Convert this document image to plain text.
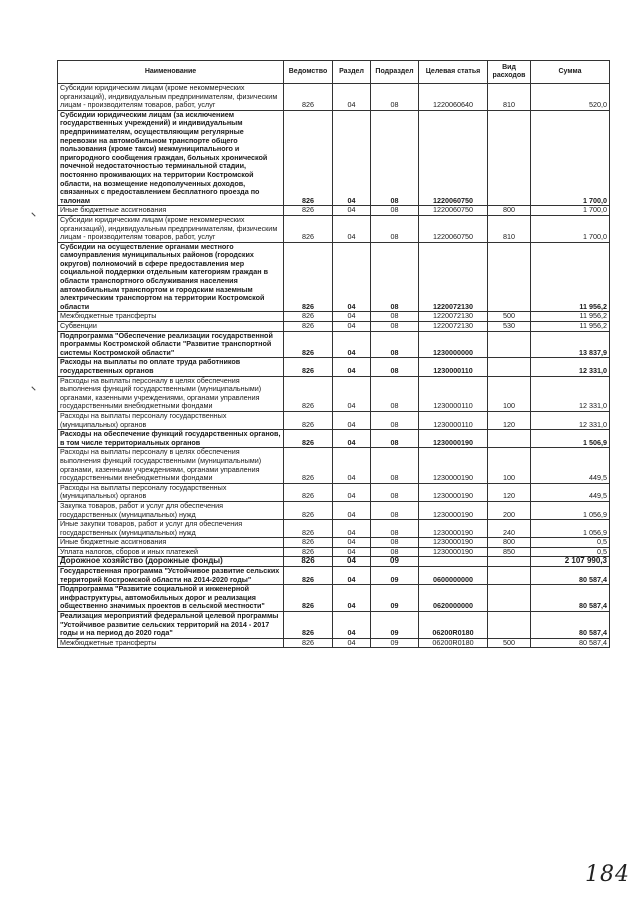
Наименование	Ведомство	Раздел	Подраздел	Целевая статья	Вид расходов	Сумма
Субсидии юридическим лицам (кроме некоммерческих организаций), индивидуальным предпринимателям, физическим лицам - производителям товаров, работ, услуг	826	04	08	1220060640	810	520,0
Субсидии юридическим лицам (за исключением государственных учреждений) и индивидуальным предпринимателям, осуществляющим регулярные перевозки на автомобильном транспорте общего пользования (кроме такси) межмуниципального и пригородного сообщения граждан, больных хронической почечной недостаточностью терминальной стадии, постоянно проживающих на территории Костромской области, на возмещение недополученных доходов, связанных с предоставлением бесплатного проезда по талонам	826	04	08	1220060750		1 700,0
Иные бюджетные ассигнования	826	04	08	1220060750	800	1 700,0
Субсидии юридическим лицам (кроме некоммерческих организаций), индивидуальным предпринимателям, физическим лицам - производителям товаров, работ, услуг	826	04	08	1220060750	810	1 700,0
Субсидии на осуществление органами местного самоуправления муниципальных районов (городских округов) полномочий в сфере предоставления мер социальной поддержки отдельным категориям граждан в области транспортного обслуживания населения автомобильным транспортом и городским наземным электрическим транспортом на территории Костромской области	826	04	08	1220072130		11 956,2
Межбюджетные трансферты	826	04	08	1220072130	500	11 956,2
Субвенции	826	04	08	1220072130	530	11 956,2
Подпрограмма "Обеспечение реализации государственной программы Костромской области "Развитие транспортной системы Костромской области"	826	04	08	1230000000		13 837,9
Расходы на выплаты по оплате труда работников государственных органов	826	04	08	1230000110		12 331,0
Расходы на выплаты персоналу в целях обеспечения выполнения функций государственными (муниципальными) органами, казенными учреждениями, органами управления государственными внебюджетными фондами	826	04	08	1230000110	100	12 331,0
Расходы на выплаты персоналу государственных (муниципальных) органов	826	04	08	1230000110	120	12 331,0
Расходы на обеспечение функций государственных органов, в том числе территориальных органов	826	04	08	1230000190		1 506,9
Расходы на выплаты персоналу в целях обеспечения выполнения функций государственными (муниципальными) органами, казенными учреждениями, органами управления государственными внебюджетными фондами	826	04	08	1230000190	100	449,5
Расходы на выплаты персоналу государственных (муниципальных) органов	826	04	08	1230000190	120	449,5
Закупка товаров, работ и услуг для обеспечения государственных (муниципальных) нужд	826	04	08	1230000190	200	1 056,9
Иные закупки товаров, работ и услуг для обеспечения государственных (муниципальных) нужд	826	04	08	1230000190	240	1 056,9
Иные бюджетные ассигнования	826	04	08	1230000190	800	0,5
Уплата налогов, сборов и иных платежей	826	04	08	1230000190	850	0,5
Дорожное хозяйство (дорожные фонды)	826	04	09			2 107 990,3
Государственная программа "Устойчивое развитие сельских территорий Костромской области на 2014-2020 годы"	826	04	09	0600000000		80 587,4
Подпрограмма "Развитие социальной и инженерной инфраструктуры, автомобильных дорог и реализация общественно значимых проектов в сельской местности"	826	04	09	0620000000		80 587,4
Реализация мероприятий федеральной целевой программы "Устойчивое развитие сельских территорий на 2014 - 2017 годы и на период до 2020 года"	826	04	09	06200R0180		80 587,4
Межбюджетные трансферты	826	04	09	06200R0180	500	80 587,4
184
